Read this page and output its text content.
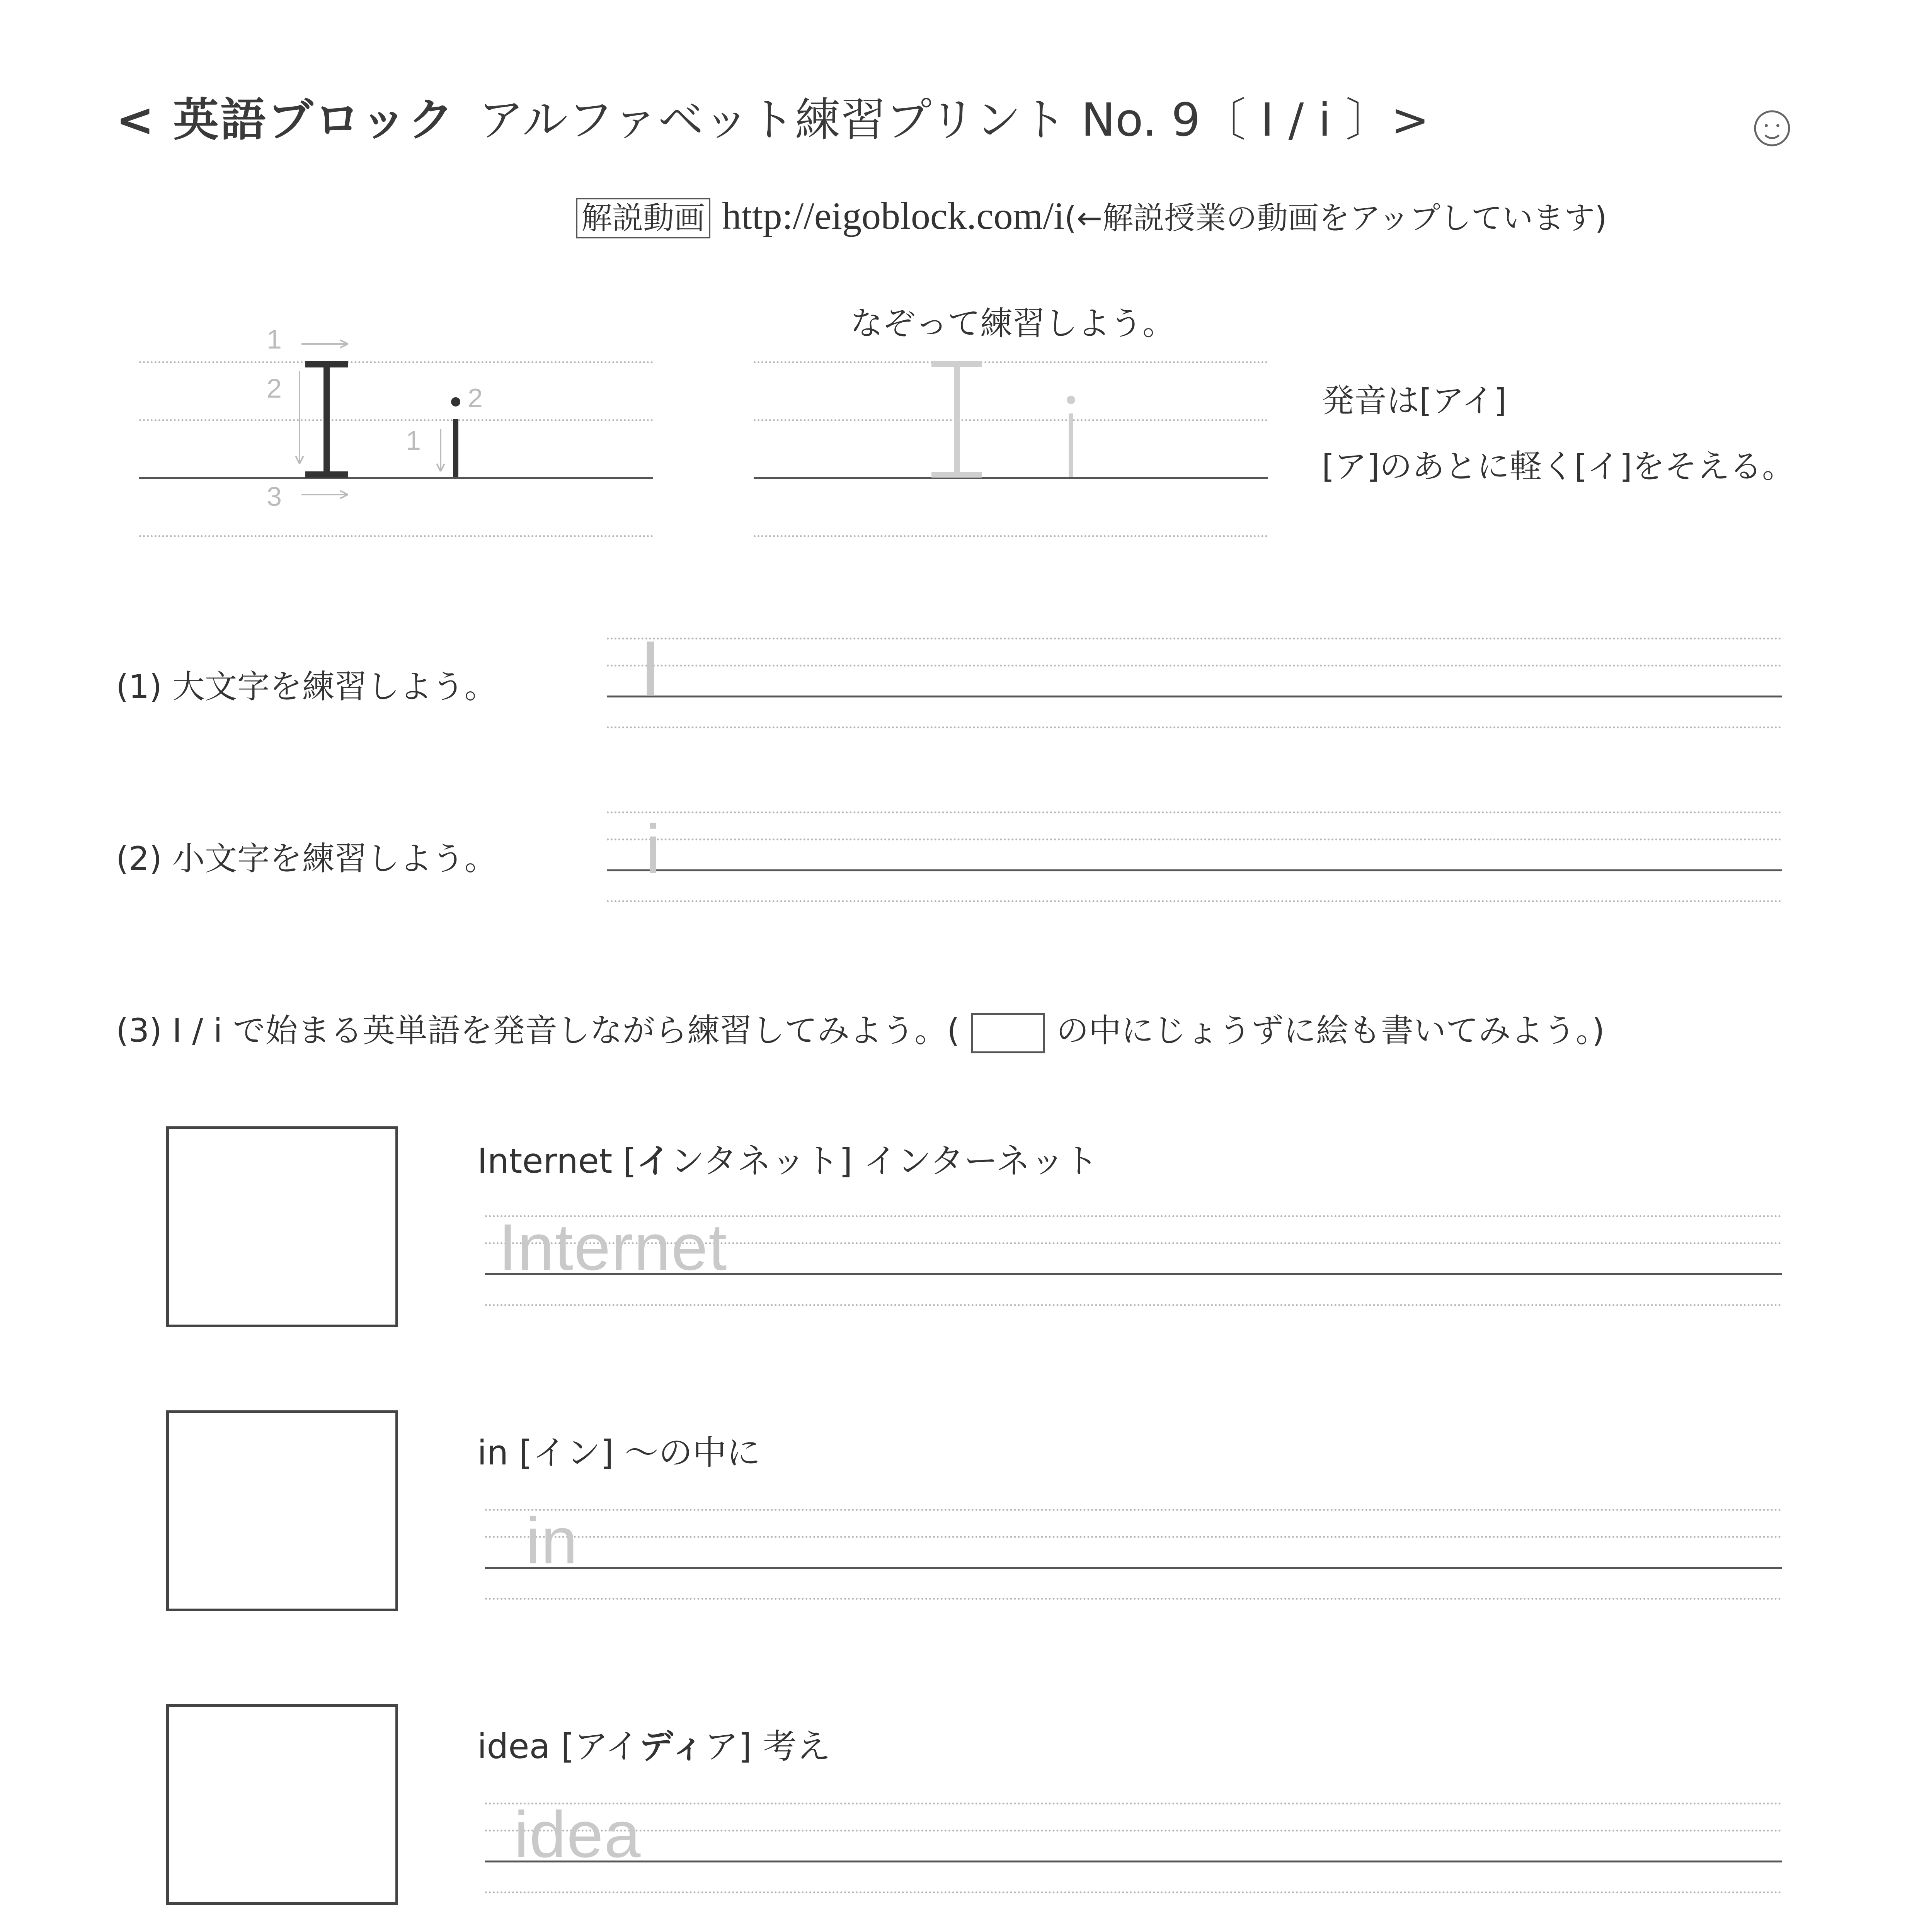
< 英語ブロック アルファベット練習プリント No. 9〔 I / i 〕>
解説動画 http://eigoblock.com/i(←解説授業の動画をアップしています)
1
2
3
1
2
なぞって練習しよう。
発音は[アイ]
[ア]のあとに軽く[イ]をそえる。
(1) 大文字を練習しよう。 I
(2) 小文字を練習しよう。 i
(3) I / i で始まる英単語を発音しながら練習してみよう。(	の中にじょうずに絵も書いてみよう。)
Internet [インタネット] インターネット
Internet
in [イン] 〜の中に
in
idea [アイディア] 考え
idea
